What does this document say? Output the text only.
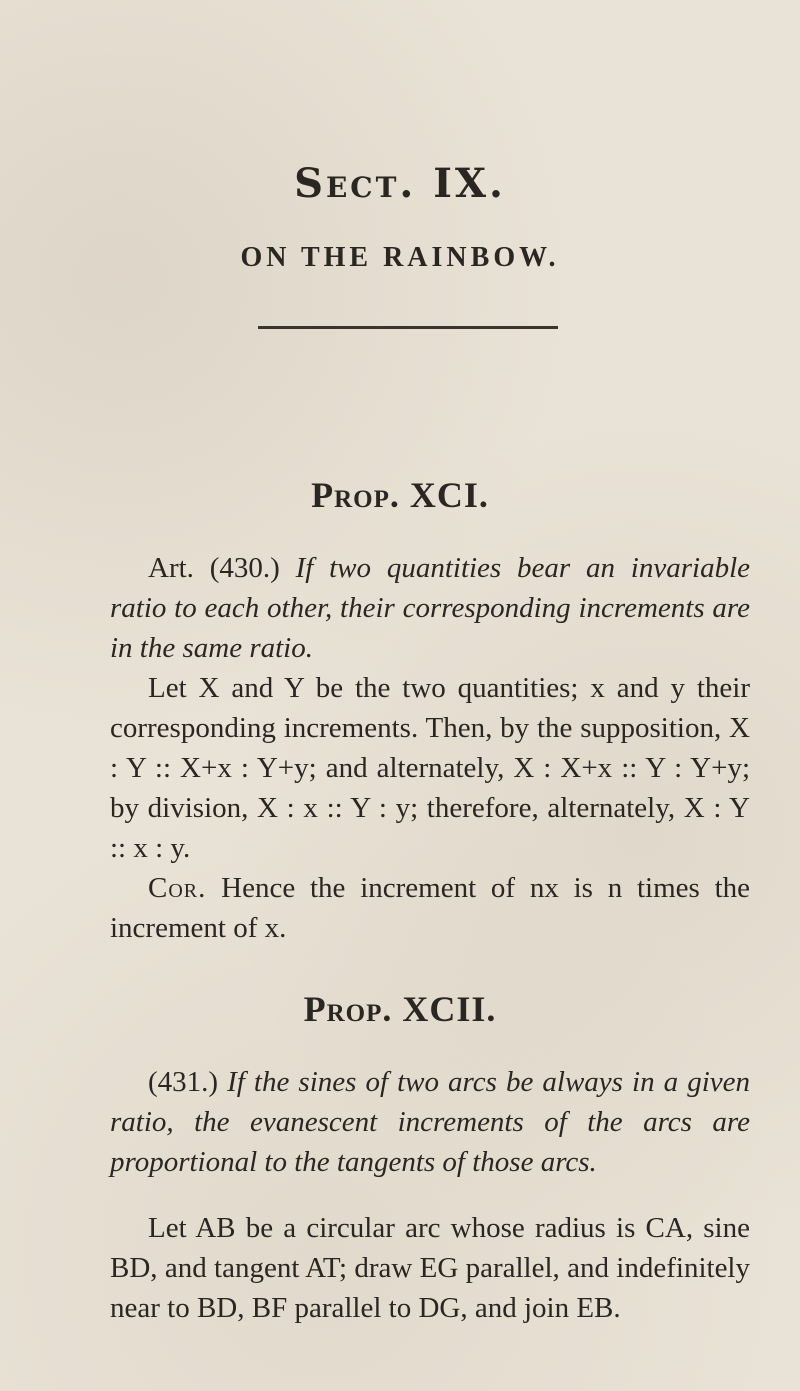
Sect. IX.
ON THE RAINBOW.
Prop. XCI.

Art. (430.) If two quantities bear an invariable ratio to each other, their corresponding increments are in the same ratio.

Let X and Y be the two quantities; x and y their corresponding increments. Then, by the supposition, X : Y :: X+x : Y+y; and alternately, X : X+x :: Y : Y+y; by division, X : x :: Y : y; therefore, alternately, X : Y :: x : y.

Cor. Hence the increment of nx is n times the increment of x.

Prop. XCII.

(431.) If the sines of two arcs be always in a given ratio, the evanescent increments of the arcs are proportional to the tangents of those arcs.

Let AB be a circular arc whose radius is CA, sine BD, and tangent AT; draw EG parallel, and indefinitely near to BD, BF parallel to DG, and join EB.
